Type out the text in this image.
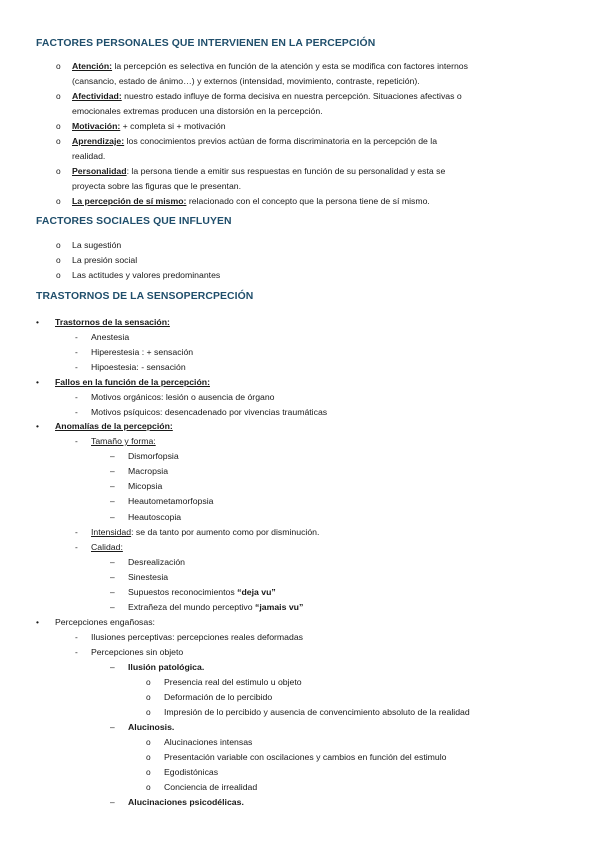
FACTORES PERSONALES QUE INTERVIENEN EN LA PERCEPCIÓN
o Atención: la percepción es selectiva en función de la atención y esta se modifica con factores internos
(cansancio, estado de ánimo…) y externos (intensidad, movimiento, contraste, repetición).
o Afectividad: nuestro estado influye de forma decisiva en nuestra percepción. Situaciones afectivas o
emocionales extremas producen una distorsión en la percepción.
o Motivación: + completa si + motivación
o Aprendizaje: los conocimientos previos actúan de forma discriminatoria en la percepción de la
realidad.
o Personalidad: la persona tiende a emitir sus respuestas en función de su personalidad y esta se
proyecta sobre las figuras que le presentan.
o La percepción de sí mismo: relacionado con el concepto que la persona tiene de sí mismo.
FACTORES SOCIALES QUE INFLUYEN
o La sugestión
o La presión social
o Las actitudes y valores predominantes
TRASTORNOS DE LA SENSOPERCPECIÓN
• Trastornos de la sensación:
- Anestesia
- Hiperestesia : + sensación
- Hipoestesia: - sensación
• Fallos en la función de la percepción:
- Motivos orgánicos: lesión o ausencia de órgano
- Motivos psíquicos: desencadenado por vivencias traumáticas
• Anomalías de la percepción:
- Tamaño y forma:
– Dismorfopsia
– Macropsia
– Micopsia
– Heautometamorfopsia
– Heautoscopia
- Intensidad: se da tanto por aumento como por disminución.
- Calidad:
– Desrealización
– Sinestesia
– Supuestos reconocimientos “deja vu”
– Extrañeza del mundo perceptivo “jamais vu”
• Percepciones engañosas:
- Ilusiones perceptivas: percepciones reales deformadas
- Percepciones sin objeto
– Ilusión patológica.
o Presencia real del estimulo u objeto
o Deformación de lo percibido
o Impresión de lo percibido y ausencia de convencimiento absoluto de la realidad
– Alucinosis.
o Alucinaciones intensas
o Presentación variable con oscilaciones y cambios en función del estimulo
o Egodistónicas
o Conciencia de irrealidad
– Alucinaciones psicodélicas.
